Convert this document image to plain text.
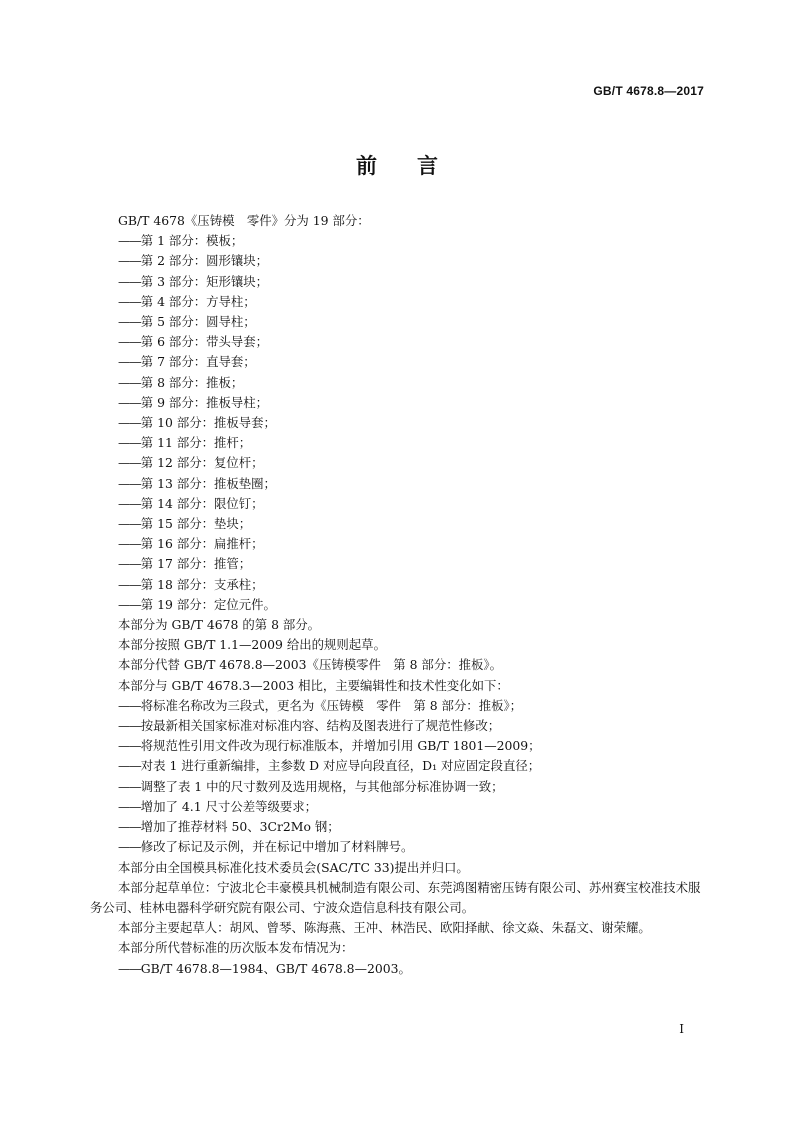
GB/T 4678.8—2017
前言

GB/T 4678《压铸模　零件》分为 19 部分：

——第 1 部分：模板；

——第 2 部分：圆形镶块；

——第 3 部分：矩形镶块；

——第 4 部分：方导柱；

——第 5 部分：圆导柱；

——第 6 部分：带头导套；

——第 7 部分：直导套；

——第 8 部分：推板；

——第 9 部分：推板导柱；

——第 10 部分：推板导套；

——第 11 部分：推杆；

——第 12 部分：复位杆；

——第 13 部分：推板垫圈；

——第 14 部分：限位钉；

——第 15 部分：垫块；

——第 16 部分：扁推杆；

——第 17 部分：推管；

——第 18 部分：支承柱；

——第 19 部分：定位元件。

本部分为 GB/T 4678 的第 8 部分。

本部分按照 GB/T 1.1—2009 给出的规则起草。

本部分代替 GB/T 4678.8—2003《压铸模零件　第 8 部分：推板》。

本部分与 GB/T 4678.3—2003 相比，主要编辑性和技术性变化如下：

——将标准名称改为三段式，更名为《压铸模　零件　第 8 部分：推板》；

——按最新相关国家标准对标准内容、结构及图表进行了规范性修改；

——将规范性引用文件改为现行标准版本，并增加引用 GB/T 1801—2009；

——对表 1 进行重新编排，主参数 D 对应导向段直径，D₁ 对应固定段直径；

——调整了表 1 中的尺寸数列及选用规格，与其他部分标准协调一致；

——增加了 4.1 尺寸公差等级要求；

——增加了推荐材料 50、3Cr2Mo 钢；

——修改了标记及示例，并在标记中增加了材料牌号。

本部分由全国模具标准化技术委员会(SAC/TC 33)提出并归口。

本部分起草单位：宁波北仑丰豪模具机械制造有限公司、东莞鸿图精密压铸有限公司、苏州赛宝校准技术服务公司、桂林电器科学研究院有限公司、宁波众造信息科技有限公司。

本部分主要起草人：胡风、曾琴、陈海燕、王冲、林浩民、欧阳择献、徐文焱、朱磊文、谢荣耀。

本部分所代替标准的历次版本发布情况为：

——GB/T 4678.8—1984、GB/T 4678.8—2003。

I
